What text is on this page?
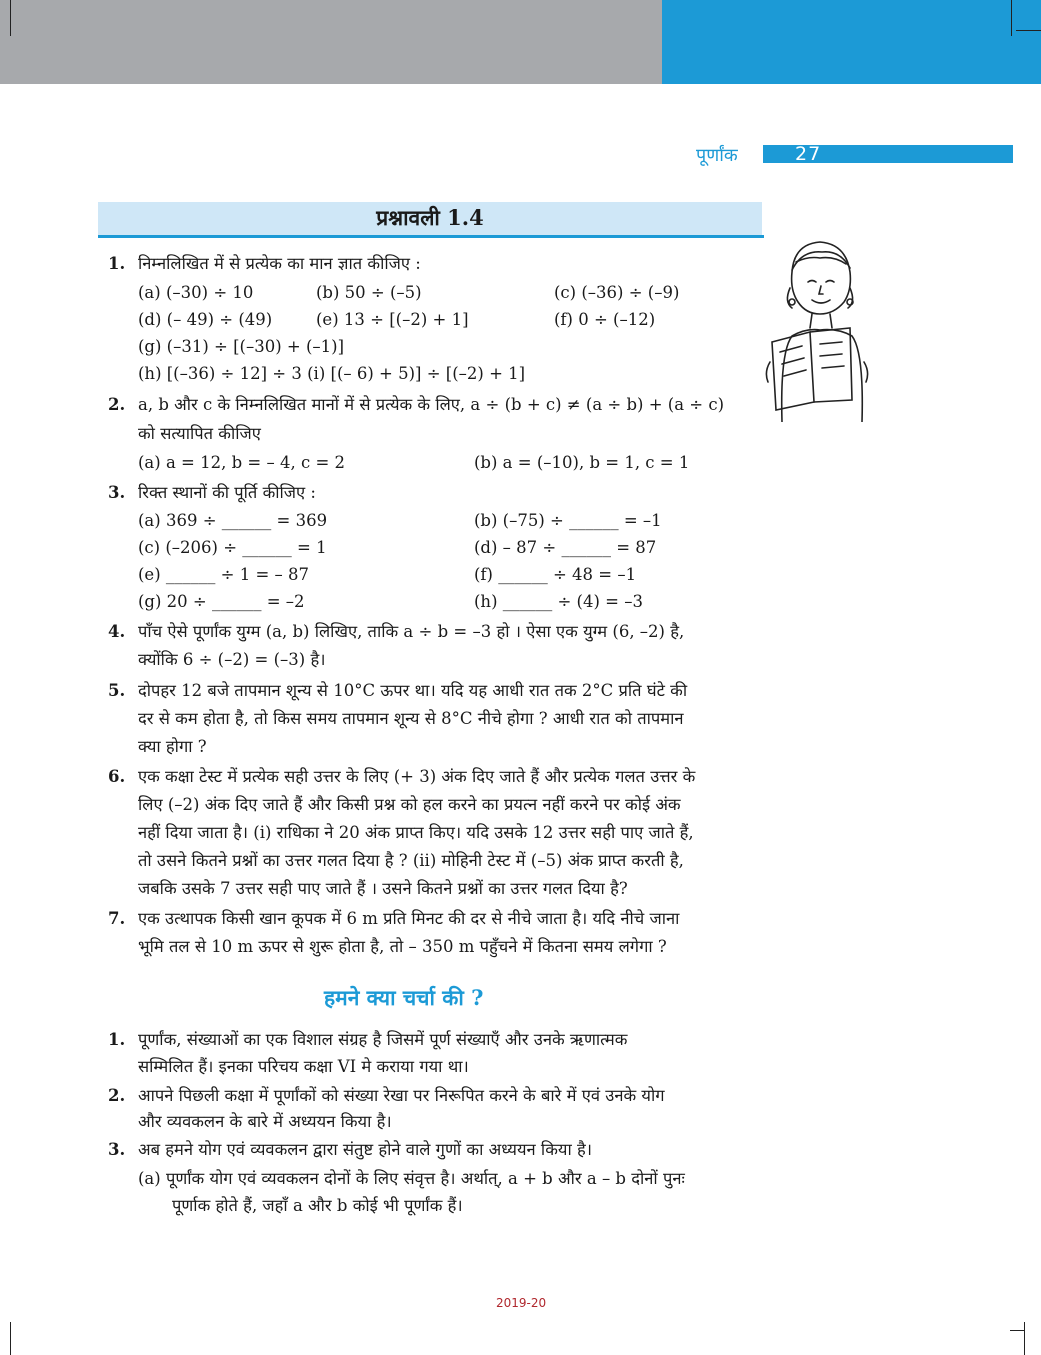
पूर्णांक	27
प्रश्नावली 1.4
1. निम्नलिखित में से प्रत्येक का मान ज्ञात कीजिए :
(a) (–30) ÷ 10	(b) 50 ÷ (–5)	(c) (–36) ÷ (–9)
(d) (– 49) ÷ (49)	(e) 13 ÷ [(–2) + 1]	(f) 0 ÷ (–12)
(g) (–31) ÷ [(–30) + (–1)]
(h) [(–36) ÷ 12] ÷ 3 (i) [(– 6) + 5)] ÷ [(–2) + 1]
2. a, b और c के निम्नलिखित मानों में से प्रत्येक के लिए, a ÷ (b + c) ≠ (a ÷ b) + (a ÷ c)
को सत्यापित कीजिए
(a) a = 12, b = – 4, c = 2	(b) a = (–10), b = 1, c = 1
3. रिक्त स्थानों की पूर्ति कीजिए :
(a) 369 ÷ ______ = 369	(b) (–75) ÷ ______ = –1
(c) (–206) ÷ ______ = 1	(d) – 87 ÷ ______ = 87
(e) ______ ÷ 1 = – 87	(f) ______ ÷ 48 = –1
(g) 20 ÷ ______ = –2	(h) ______ ÷ (4) = –3
4. पाँच ऐसे पूर्णांक युग्म (a, b) लिखिए, ताकि a ÷ b = –3 हो । ऐसा एक युग्म (6, –2) है,
क्योंकि 6 ÷ (–2) = (–3) है।
5. दोपहर 12 बजे तापमान शून्य से 10°C ऊपर था। यदि यह आधी रात तक 2°C प्रति घंटे की
दर से कम होता है, तो किस समय तापमान शून्य से 8°C नीचे होगा ? आधी रात को तापमान
क्या होगा ?
6. एक कक्षा टेस्ट में प्रत्येक सही उत्तर के लिए (+ 3) अंक दिए जाते हैं और प्रत्येक गलत उत्तर के
लिए (–2) अंक दिए जाते हैं और किसी प्रश्न को हल करने का प्रयत्न नहीं करने पर कोई अंक
नहीं दिया जाता है। (i) राधिका ने 20 अंक प्राप्त किए। यदि उसके 12 उत्तर सही पाए जाते हैं,
तो उसने कितने प्रश्नों का उत्तर गलत दिया है ? (ii) मोहिनी टेस्ट में (–5) अंक प्राप्त करती है,
जबकि उसके 7 उत्तर सही पाए जाते हैं । उसने कितने प्रश्नों का उत्तर गलत दिया है?
7. एक उत्थापक किसी खान कूपक में 6 m प्रति मिनट की दर से नीचे जाता है। यदि नीचे जाना
भूमि तल से 10 m ऊपर से शुरू होता है, तो – 350 m पहुँचने में कितना समय लगेगा ?
हमने क्या चर्चा की ?
1. पूर्णांक, संख्याओं का एक विशाल संग्रह है जिसमें पूर्ण संख्याएँ और उनके ऋणात्मक
सम्मिलित हैं। इनका परिचय कक्षा VI मे कराया गया था।
2. आपने पिछली कक्षा में पूर्णांकों को संख्या रेखा पर निरूपित करने के बारे में एवं उनके योग
और व्यवकलन के बारे में अध्ययन किया है।
3. अब हमने योग एवं व्यवकलन द्वारा संतुष्ट होने वाले गुणों का अध्ययन किया है।
(a) पूर्णांक योग एवं व्यवकलन दोनों के लिए संवृत्त है। अर्थात्, a + b और a – b दोनों पुनः
पूर्णाक होते हैं, जहाँ a और b कोई भी पूर्णांक हैं।
2019-20
